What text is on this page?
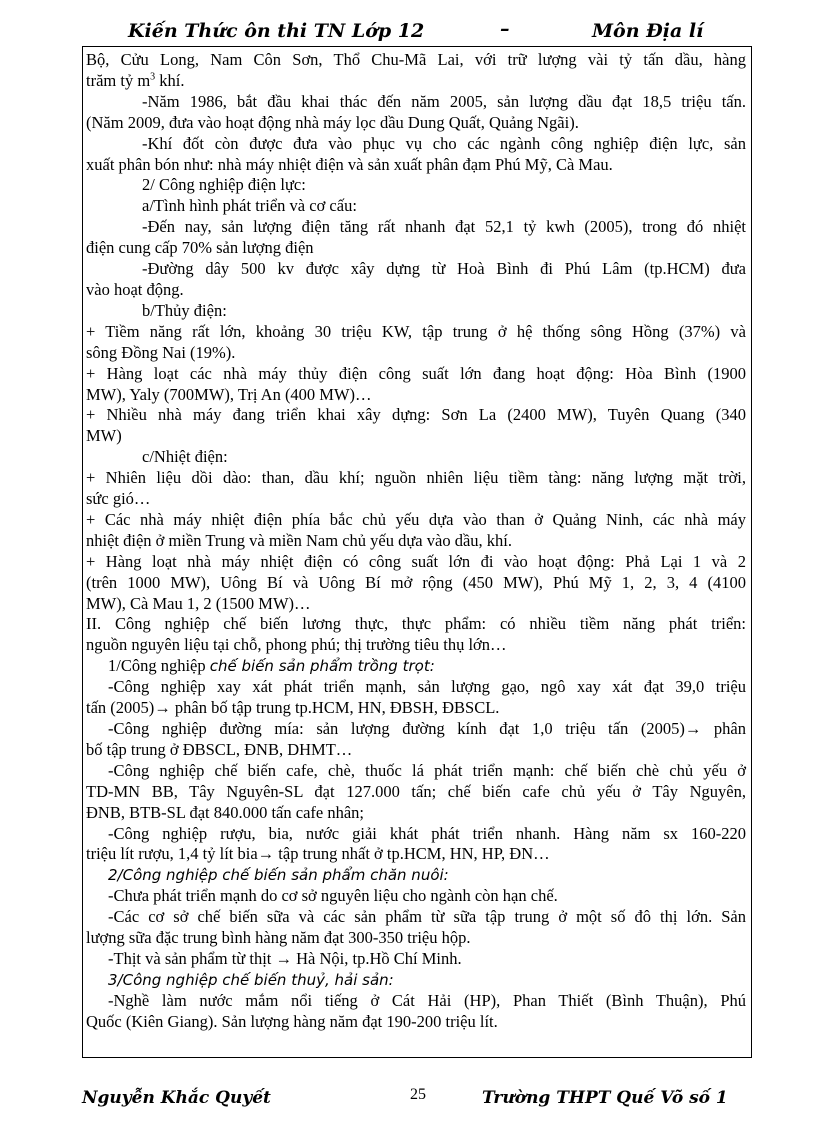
Kiến Thức ôn thi TN Lớp 12	–	Môn Địa lí
Bộ, Cửu Long, Nam Côn Sơn, Thổ Chu-Mã Lai, với trữ lượng vài tỷ tấn dầu, hàng
trăm tỷ $m^3$ khí.
-Năm 1986, bắt đầu khai thác đến năm 2005, sản lượng dầu đạt 18,5 triệu tấn.
(Năm 2009, đưa vào hoạt động nhà máy lọc dầu Dung Quất, Quảng Ngãi).
-Khí đốt còn được đưa vào phục vụ cho các ngành công nghiệp điện lực, sản
xuất phân bón như: nhà máy nhiệt điện và sản xuất phân đạm Phú Mỹ, Cà Mau.
2/ Công nghiệp điện lực:
a/Tình hình phát triển và cơ cấu:
-Đến nay, sản lượng điện tăng rất nhanh đạt 52,1 tỷ kwh (2005), trong đó nhiệt
điện cung cấp 70% sản lượng điện
-Đường dây 500 kv được xây dựng từ Hoà Bình đi Phú Lâm (tp.HCM) đưa
vào hoạt động.
b/Thủy điện:
+ Tiềm năng rất lớn, khoảng 30 triệu KW, tập trung ở hệ thống sông Hồng (37%) và
sông Đồng Nai (19%).
+ Hàng loạt các nhà máy thủy điện công suất lớn đang hoạt động: Hòa Bình (1900
MW), Yaly (700MW), Trị An (400 MW)…
+ Nhiều nhà máy đang triển khai xây dựng: Sơn La (2400 MW), Tuyên Quang (340
MW)
c/Nhiệt điện:
+ Nhiên liệu dồi dào: than, dầu khí; nguồn nhiên liệu tiềm tàng: năng lượng mặt trời,
sức gió…
+ Các nhà máy nhiệt điện phía bắc chủ yếu dựa vào than ở Quảng Ninh, các nhà máy
nhiệt điện ở miền Trung và miền Nam chủ yếu dựa vào dầu, khí.
+ Hàng loạt nhà máy nhiệt điện có công suất lớn đi vào hoạt động: Phả Lại 1 và 2
(trên 1000 MW), Uông Bí và Uông Bí mở rộng (450 MW), Phú Mỹ 1, 2, 3, 4 (4100
MW), Cà Mau 1, 2 (1500 MW)…
II. Công nghiệp chế biến lương thực, thực phẩm: có nhiều tiềm năng phát triển:
nguồn nguyên liệu tại chỗ, phong phú; thị trường tiêu thụ lớn…
1/Công nghiệp chế biến sản phẩm trồng trọt:
-Công nghiệp xay xát phát triển mạnh, sản lượng gạo, ngô xay xát đạt 39,0 triệu
tấn (2005)→ phân bố tập trung tp.HCM, HN, ĐBSH, ĐBSCL.
-Công nghiệp đường mía: sản lượng đường kính đạt 1,0 triệu tấn (2005)→ phân
bố tập trung ở ĐBSCL, ĐNB, DHMT…
-Công nghiệp chế biến cafe, chè, thuốc lá phát triển mạnh: chế biến chè chủ yếu ở
TD-MN BB, Tây Nguyên-SL đạt 127.000 tấn; chế biến cafe chủ yếu ở Tây Nguyên,
ĐNB, BTB-SL đạt 840.000 tấn cafe nhân;
-Công nghiệp rượu, bia, nước giải khát phát triển nhanh. Hàng năm sx 160-220
triệu lít rượu, 1,4 tỷ lít bia→ tập trung nhất ở tp.HCM, HN, HP, ĐN…
2/Công nghiệp chế biến sản phẩm chăn nuôi:
-Chưa phát triển mạnh do cơ sở nguyên liệu cho ngành còn hạn chế.
-Các cơ sở chế biến sữa và các sản phẩm từ sữa tập trung ở một số đô thị lớn. Sản
lượng sữa đặc trung bình hàng năm đạt 300-350 triệu hộp.
-Thịt và sản phẩm từ thịt → Hà Nội, tp.Hồ Chí Minh.
3/Công nghiệp chế biến thuỷ, hải sản:
-Nghề làm nước mắm nổi tiếng ở Cát Hải (HP), Phan Thiết (Bình Thuận), Phú
Quốc (Kiên Giang). Sản lượng hàng năm đạt 190-200 triệu lít.
Nguyễn Khắc Quyết	25	Trường THPT Quế Võ số 1
